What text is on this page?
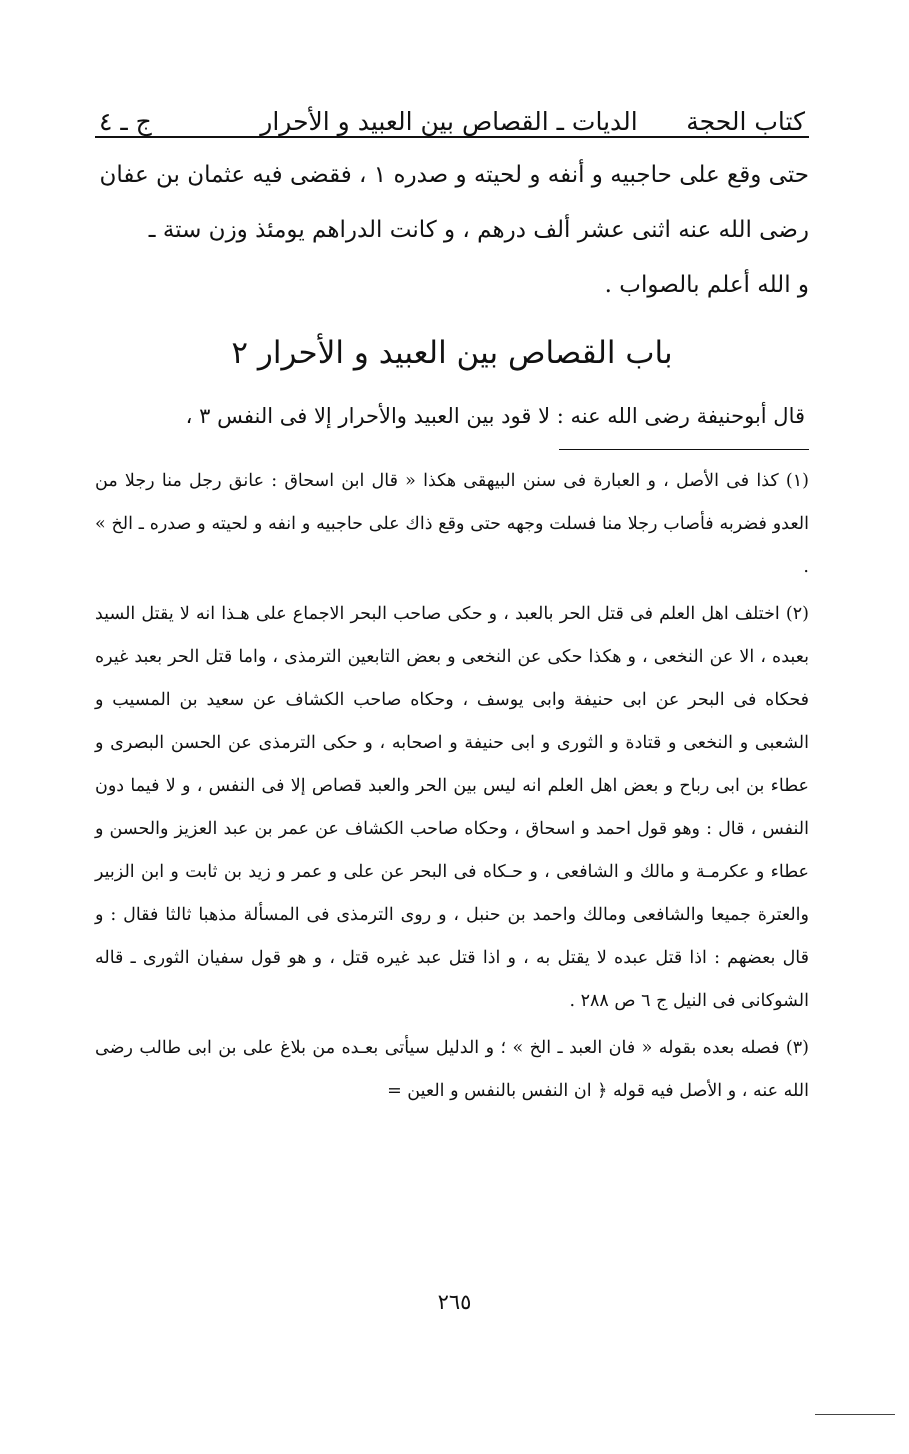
كتاب الحجة
الديات ـ القصاص بين العبيد و الأحرار
ج ـ ٤

حتى وقع على حاجبيه و أنفه و لحيته و صدره ١ ، فقضى فيه عثمان بن عفان

رضى الله عنه اثنى عشر ألف درهم ، و كانت الدراهم يومئذ وزن ستة ـ

و الله أعلم بالصواب .

باب القصاص بين العبيد و الأحرار ٢

قال أبوحنيفة رضى الله عنه : لا قود بين العبيد والأحرار إلا فى النفس ٣ ،

(١) كذا فى الأصل ، و العبارة فى سنن البيهقى هكذا « قال ابن اسحاق : عانق رجل منا رجلا من العدو فضربه فأصاب رجلا منا فسلت وجهه حتى وقع ذاك على حاجبيه و انفه و لحيته و صدره ـ الخ » .

(٢) اختلف اهل العلم فى قتل الحر بالعبد ، و حكى صاحب البحر الاجماع على هـذا انه لا يقتل السيد بعبده ، الا عن النخعى ، و هكذا حكى عن النخعى و بعض التابعين الترمذى ، واما قتل الحر بعبد غيره فحكاه فى البحر عن ابى حنيفة وابى يوسف ، وحكاه صاحب الكشاف عن سعيد بن المسيب و الشعبى و النخعى و قتادة و الثورى و ابى حنيفة و اصحابه ، و حكى الترمذى عن الحسن البصرى و عطاء بن ابى رباح و بعض اهل العلم انه ليس بين الحر والعبد قصاص إلا فى النفس ، و لا فيما دون النفس ، قال : وهو قول احمد و اسحاق ، وحكاه صاحب الكشاف عن عمر بن عبد العزيز والحسن و عطاء و عكرمـة و مالك و الشافعى ، و حـكاه فى البحر عن على و عمر و زيد بن ثابت و ابن الزبير والعترة جميعا والشافعى ومالك واحمد بن حنبل ، و روى الترمذى فى المسألة مذهبا ثالثا فقال : و قال بعضهم : اذا قتل عبده لا يقتل به ، و اذا قتل عبد غيره قتل ، و هو قول سفيان الثورى ـ قاله الشوكانى فى النيل ج ٦ ص ٢٨٨ .

(٣) فصله بعده بقوله « فان العبد ـ الخ » ؛ و الدليل سيأتى بعـده من بلاغ على بن ابى طالب رضى الله عنه ، و الأصل فيه قوله ﴿ ان النفس بالنفس و العين =

٢٦٥
